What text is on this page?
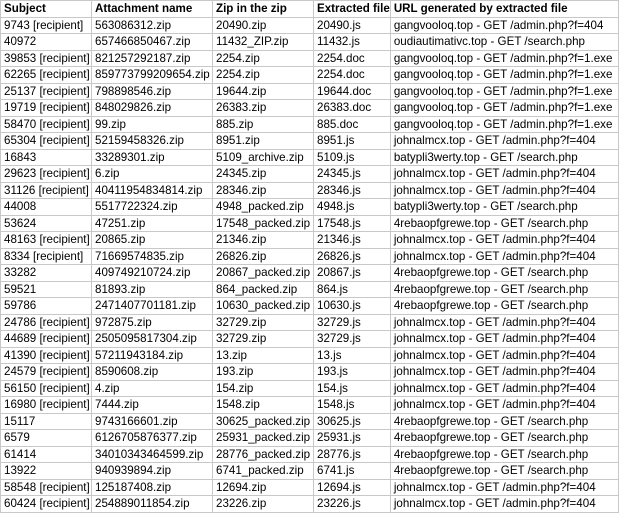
Subject	Attachment name	Zip in the zip	Extracted file	URL generated by extracted file
9743 [recipient]	563086312.zip	20490.zip	20490.js	gangvooloq.top - GET /admin.php?f=404
40972	657466850467.zip	11432_ZIP.zip	11432.js	oudiautimativc.top - GET /search.php
39853 [recipient]	821257292187.zip	2254.zip	2254.doc	gangvooloq.top - GET /admin.php?f=1.exe
62265 [recipient]	859773799209654.zip	2254.zip	2254.doc	gangvooloq.top - GET /admin.php?f=1.exe
25137 [recipient]	798898546.zip	19644.zip	19644.doc	gangvooloq.top - GET /admin.php?f=1.exe
19719 [recipient]	848029826.zip	26383.zip	26383.doc	gangvooloq.top - GET /admin.php?f=1.exe
58470 [recipient]	99.zip	885.zip	885.doc	gangvooloq.top - GET /admin.php?f=1.exe
65304 [recipient]	52159458326.zip	8951.zip	8951.js	johnalmcx.top - GET /admin.php?f=404
16843	33289301.zip	5109_archive.zip	5109.js	batypli3werty.top - GET /search.php
29623 [recipient]	6.zip	24345.zip	24345.js	johnalmcx.top - GET /admin.php?f=404
31126 [recipient]	40411954834814.zip	28346.zip	28346.js	johnalmcx.top - GET /admin.php?f=404
44008	5517722324.zip	4948_packed.zip	4948.js	batypli3werty.top - GET /search.php
53624	47251.zip	17548_packed.zip	17548.js	4rebaopfgrewe.top - GET /search.php
48163 [recipient]	20865.zip	21346.zip	21346.js	johnalmcx.top - GET /admin.php?f=404
8334 [recipient]	71669574835.zip	26826.zip	26826.js	johnalmcx.top - GET /admin.php?f=404
33282	409749210724.zip	20867_packed.zip	20867.js	4rebaopfgrewe.top - GET /search.php
59521	81893.zip	864_packed.zip	864.js	4rebaopfgrewe.top - GET /search.php
59786	2471407701181.zip	10630_packed.zip	10630.js	4rebaopfgrewe.top - GET /search.php
24786 [recipient]	972875.zip	32729.zip	32729.js	johnalmcx.top - GET /admin.php?f=404
44689 [recipient]	2505095817304.zip	32729.zip	32729.js	johnalmcx.top - GET /admin.php?f=404
41390 [recipient]	57211943184.zip	13.zip	13.js	johnalmcx.top - GET /admin.php?f=404
24579 [recipient]	8590608.zip	193.zip	193.js	johnalmcx.top - GET /admin.php?f=404
56150 [recipient]	4.zip	154.zip	154.js	johnalmcx.top - GET /admin.php?f=404
16980 [recipient]	7444.zip	1548.zip	1548.js	johnalmcx.top - GET /admin.php?f=404
15117	9743166601.zip	30625_packed.zip	30625.js	4rebaopfgrewe.top - GET /search.php
6579	6126705876377.zip	25931_packed.zip	25931.js	4rebaopfgrewe.top - GET /search.php
61414	34010343464599.zip	28776_packed.zip	28776.js	4rebaopfgrewe.top - GET /search.php
13922	940939894.zip	6741_packed.zip	6741.js	4rebaopfgrewe.top - GET /search.php
58548 [recipient]	125187408.zip	12694.zip	12694.js	johnalmcx.top - GET /admin.php?f=404
60424 [recipient]	254889011854.zip	23226.zip	23226.js	johnalmcx.top - GET /admin.php?f=404
